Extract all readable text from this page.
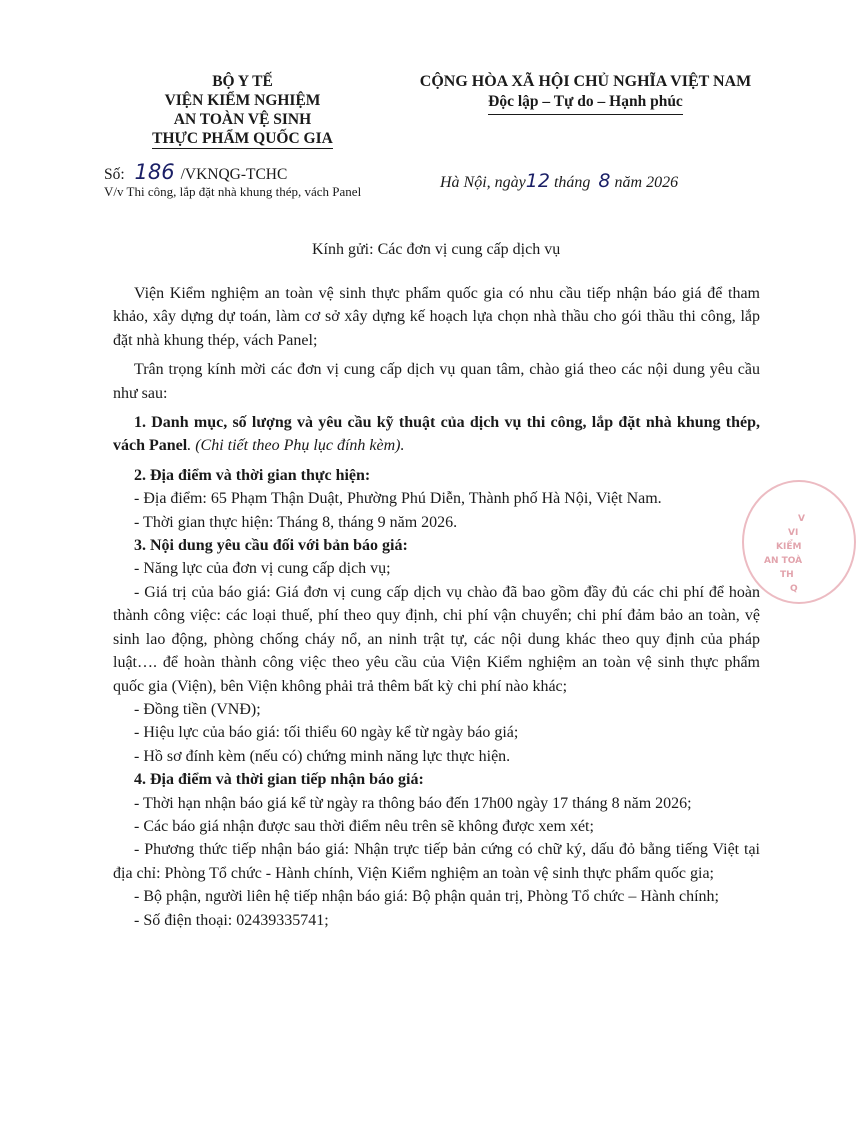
BỘ Y TẾ
VIỆN KIỂM NGHIỆM
AN TOÀN VỆ SINH
THỰC PHẨM QUỐC GIA
Số: 186 /VKNQG-TCHC
V/v Thi công, lắp đặt nhà khung thép, vách Panel
CỘNG HÒA XÃ HỘI CHỦ NGHĨA VIỆT NAM
Độc lập – Tự do – Hạnh phúc
Hà Nội, ngày12 tháng 8 năm 2026
Kính gửi: Các đơn vị cung cấp dịch vụ

Viện Kiểm nghiệm an toàn vệ sinh thực phẩm quốc gia có nhu cầu tiếp nhận báo giá để tham khảo, xây dựng dự toán, làm cơ sở xây dựng kế hoạch lựa chọn nhà thầu cho gói thầu thi công, lắp đặt nhà khung thép, vách Panel;

Trân trọng kính mời các đơn vị cung cấp dịch vụ quan tâm, chào giá theo các nội dung yêu cầu như sau:

1. Danh mục, số lượng và yêu cầu kỹ thuật của dịch vụ thi công, lắp đặt nhà khung thép, vách Panel. (Chi tiết theo Phụ lục đính kèm).

2. Địa điểm và thời gian thực hiện:

- Địa điểm: 65 Phạm Thận Duật, Phường Phú Diễn, Thành phố Hà Nội, Việt Nam.

- Thời gian thực hiện: Tháng 8, tháng 9 năm 2026.

3. Nội dung yêu cầu đối với bản báo giá:

- Năng lực của đơn vị cung cấp dịch vụ;

- Giá trị của báo giá: Giá đơn vị cung cấp dịch vụ chào đã bao gồm đầy đủ các chi phí để hoàn thành công việc: các loại thuế, phí theo quy định, chi phí vận chuyển; chi phí đảm bảo an toàn, vệ sinh lao động, phòng chống cháy nổ, an ninh trật tự, các nội dung khác theo quy định của pháp luật…. để hoàn thành công việc theo yêu cầu của Viện Kiểm nghiệm an toàn vệ sinh thực phẩm quốc gia (Viện), bên Viện không phải trả thêm bất kỳ chi phí nào khác;

- Đồng tiền (VNĐ);

- Hiệu lực của báo giá: tối thiểu 60 ngày kể từ ngày báo giá;

- Hồ sơ đính kèm (nếu có) chứng minh năng lực thực hiện.

4. Địa điểm và thời gian tiếp nhận báo giá:

- Thời hạn nhận báo giá kể từ ngày ra thông báo đến 17h00 ngày 17 tháng 8 năm 2026;

- Các báo giá nhận được sau thời điểm nêu trên sẽ không được xem xét;

- Phương thức tiếp nhận báo giá: Nhận trực tiếp bản cứng có chữ ký, dấu đỏ bằng tiếng Việt tại địa chỉ: Phòng Tổ chức - Hành chính, Viện Kiểm nghiệm an toàn vệ sinh thực phẩm quốc gia;

- Bộ phận, người liên hệ tiếp nhận báo giá: Bộ phận quản trị, Phòng Tổ chức – Hành chính;

- Số điện thoại: 02439335741;

V
VI
KIỂM
AN TOÀ
TH
Q
